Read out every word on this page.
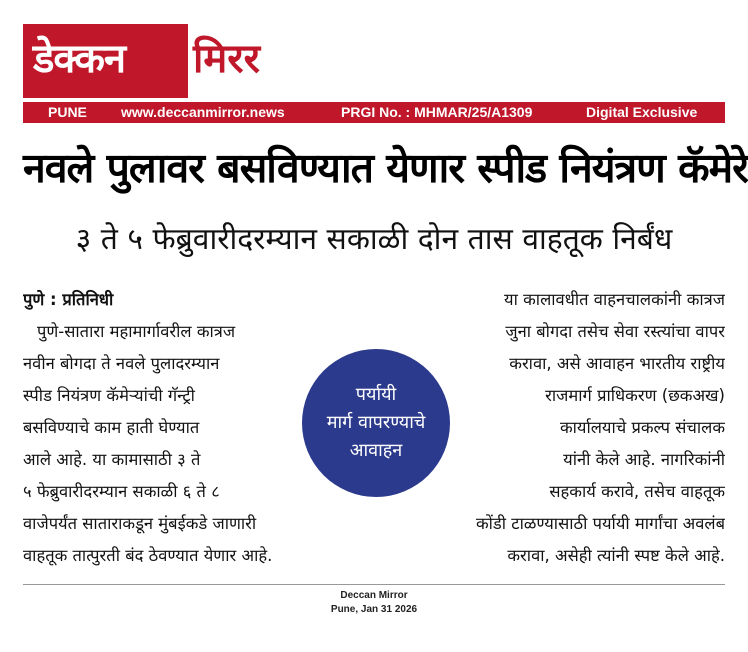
डेक्कन मिरर
PUNE www.deccanmirror.news	PRGI No. : MHMAR/25/A1309	Digital Exclusive
नवले पुलावर बसविण्यात येणार स्पीड नियंत्रण कॅमेरे
३ ते ५ फेब्रुवारीदरम्यान सकाळी दोन तास वाहतूक निर्बंध
पुणे : प्रतिनिधी
पुणे-सातारा महामार्गावरील कात्रज
नवीन बोगदा ते नवले पुलादरम्यान
स्पीड नियंत्रण कॅमेऱ्यांची गॅन्ट्री
बसविण्याचे काम हाती घेण्यात
आले आहे. या कामासाठी ३ ते
५ फेब्रुवारीदरम्यान सकाळी ६ ते ८
वाजेपर्यंत साताराकडून मुंबईकडे जाणारी
वाहतूक तात्पुरती बंद ठेवण्यात येणार आहे.
या कालावधीत वाहनचालकांनी कात्रज
जुना बोगदा तसेच सेवा रस्त्यांचा वापर
करावा, असे आवाहन भारतीय राष्ट्रीय
राजमार्ग प्राधिकरण (छकअख)
कार्यालयाचे प्रकल्प संचालक
यांनी केले आहे. नागरिकांनी
सहकार्य करावे, तसेच वाहतूक
कोंडी टाळण्यासाठी पर्यायी मार्गांचा अवलंब
करावा, असेही त्यांनी स्पष्ट केले आहे.
पर्यायी
मार्ग वापरण्याचे
आवाहन
Deccan Mirror
Pune, Jan 31 2026
